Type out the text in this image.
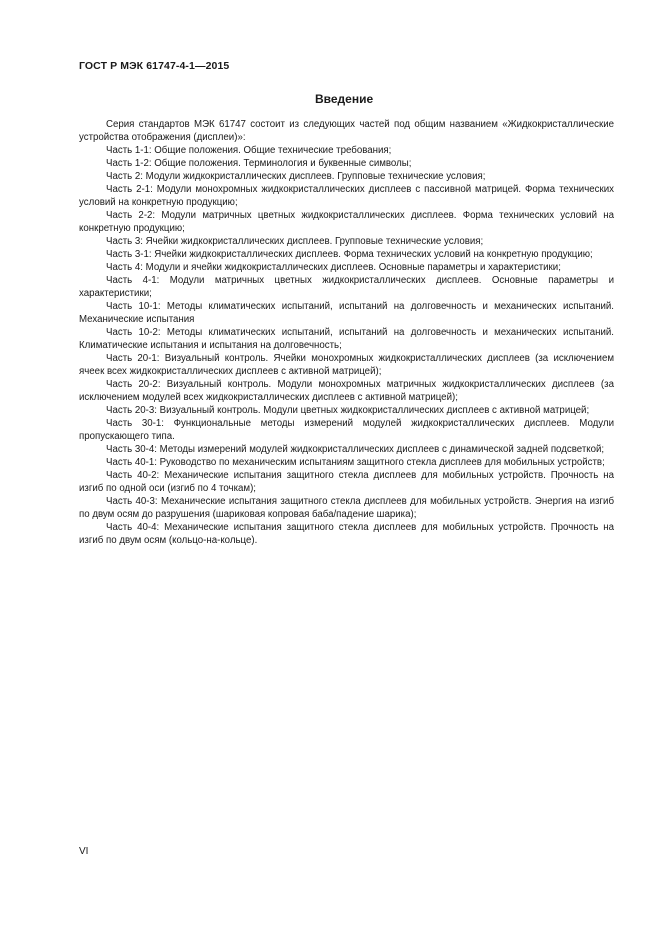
ГОСТ Р МЭК 61747-4-1—2015
Введение

Серия стандартов МЭК 61747 состоит из следующих частей под общим названием «Жидкокристаллические устройства отображения (дисплеи)»:

Часть 1-1: Общие положения. Общие технические требования;

Часть 1-2: Общие положения. Терминология и буквенные символы;

Часть 2: Модули жидкокристаллических дисплеев. Групповые технические условия;

Часть 2-1: Модули монохромных жидкокристаллических дисплеев с пассивной матрицей. Форма технических условий на конкретную продукцию;

Часть 2-2: Модули матричных цветных жидкокристаллических дисплеев. Форма технических условий на конкретную продукцию;

Часть 3: Ячейки жидкокристаллических дисплеев. Групповые технические условия;

Часть 3-1: Ячейки жидкокристаллических дисплеев. Форма технических условий на конкретную продукцию;

Часть 4: Модули и ячейки жидкокристаллических дисплеев. Основные параметры и характеристики;

Часть 4-1: Модули матричных цветных жидкокристаллических дисплеев. Основные параметры и характеристики;

Часть 10-1: Методы климатических испытаний, испытаний на долговечность и механических испытаний. Механические испытания

Часть 10-2: Методы климатических испытаний, испытаний на долговечность и механических испытаний. Климатические испытания и испытания на долговечность;

Часть 20-1: Визуальный контроль. Ячейки монохромных жидкокристаллических дисплеев (за исключением ячеек всех жидкокристаллических дисплеев с активной матрицей);

Часть 20-2: Визуальный контроль. Модули монохромных матричных жидкокристаллических дисплеев (за исключением модулей всех жидкокристаллических дисплеев с активной матрицей);

Часть 20-3: Визуальный контроль. Модули цветных жидкокристаллических дисплеев с активной матрицей;

Часть 30-1: Функциональные методы измерений модулей жидкокристаллических дисплеев. Модули пропускающего типа.

Часть 30-4: Методы измерений модулей жидкокристаллических дисплеев с динамической задней подсветкой;

Часть 40-1: Руководство по механическим испытаниям защитного стекла дисплеев для мобильных устройств;

Часть 40-2: Механические испытания защитного стекла дисплеев для мобильных устройств. Прочность на изгиб по одной оси (изгиб по 4 точкам);

Часть 40-3: Механические испытания защитного стекла дисплеев для мобильных устройств. Энергия на изгиб по двум осям до разрушения (шариковая копровая баба/падение шарика);

Часть 40-4: Механические испытания защитного стекла дисплеев для мобильных устройств. Прочность на изгиб по двум осям (кольцо-на-кольце).

VI
